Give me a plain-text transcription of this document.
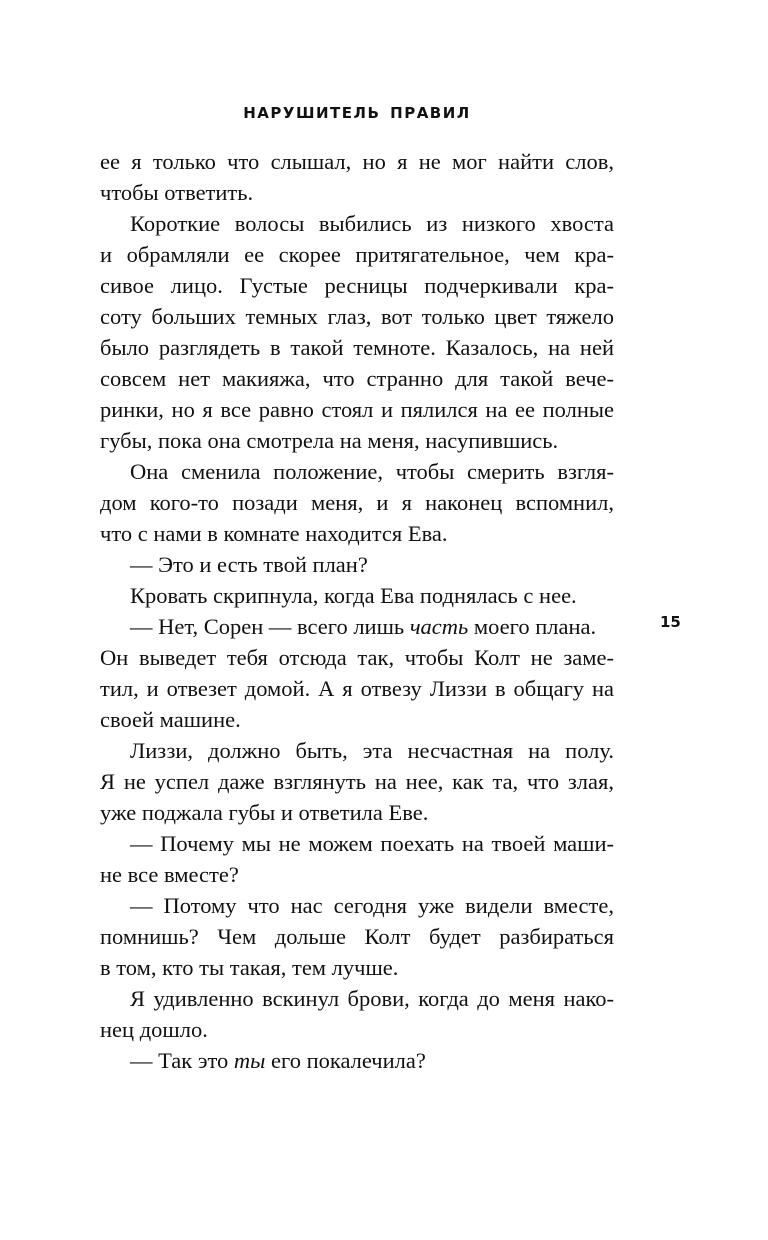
НАРУШИТЕЛЬ ПРАВИЛ
15
ее я только что слышал, но я не мог найти слов,
чтобы ответить.
Короткие волосы выбились из низкого хвоста
и обрамляли ее скорее притягательное, чем кра-
сивое лицо. Густые ресницы подчеркивали кра-
соту больших темных глаз, вот только цвет тяжело
было разглядеть в такой темноте. Казалось, на ней
совсем нет макияжа, что странно для такой вече-
ринки, но я все равно стоял и пялился на ее полные
губы, пока она смотрела на меня, насупившись.
Она сменила положение, чтобы смерить взгля-
дом кого-то позади меня, и я наконец вспомнил,
что с нами в комнате находится Ева.
— Это и есть твой план?
Кровать скрипнула, когда Ева поднялась с нее.
— Нет, Сорен — всего лишь часть моего плана.
Он выведет тебя отсюда так, чтобы Колт не заме-
тил, и отвезет домой. А я отвезу Лиззи в общагу на
своей машине.
Лиззи, должно быть, эта несчастная на полу.
Я не успел даже взглянуть на нее, как та, что злая,
уже поджала губы и ответила Еве.
— Почему мы не можем поехать на твоей маши-
не все вместе?
— Потому что нас сегодня уже видели вместе,
помнишь? Чем дольше Колт будет разбираться
в том, кто ты такая, тем лучше.
Я удивленно вскинул брови, когда до меня нако-
нец дошло.
— Так это ты его покалечила?
